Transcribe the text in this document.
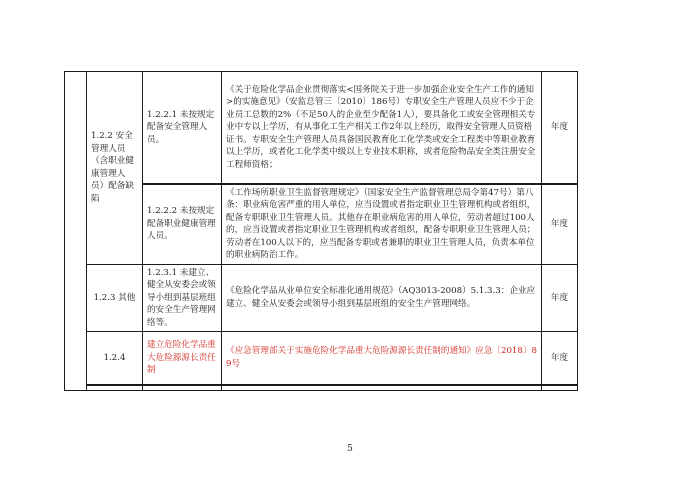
	1.2.2 安全管理人员（含职业健康管理人员）配备缺陷	1.2.2.1 未按规定配备安全管理人员。	《关于危险化学品企业贯彻落实<国务院关于进一步加强企业安全生产工作的通知>的实施意见》（安监总管三〔2010〕186号）专职安全生产管理人员应不少于企业员工总数的2%（不足50人的企业至少配备1人），要具备化工或安全管理相关专业中专以上学历，有从事化工生产相关工作2年以上经历，取得安全管理人员资格证书。专职安全生产管理人员具备国民教育化工化学类或安全工程类中等职业教育以上学历，或者化工化学类中级以上专业技术职称，或者危险物品安全类注册安全工程师资格；	年度
		1.2.2.2 未按规定配备职业健康管理人员。	《工作场所职业卫生监督管理规定》（国家安全生产监督管理总局令第47号）第八条：职业病危害严重的用人单位，应当设置或者指定职业卫生管理机构或者组织，配备专职职业卫生管理人员。其他存在职业病危害的用人单位，劳动者超过100人的，应当设置或者指定职业卫生管理机构或者组织，配备专职职业卫生管理人员；劳动者在100人以下的，应当配备专职或者兼职的职业卫生管理人员，负责本单位的职业病防治工作。	年度
	1.2.3 其他	1.2.3.1 未建立、健全从安委会或领导小组到基层班组的安全生产管理网络等。	《危险化学品从业单位安全标准化通用规范》（AQ3013-2008）5.1.3.3：企业应建立、健全从安委会或领导小组到基层班组的安全生产管理网络。	年度
	1.2.4	建立危险化学品重大危险源源长责任制	《应急管理部关于实施危险化学品重大危险源源长责任制的通知》应急〔2018〕89号	年度

5
